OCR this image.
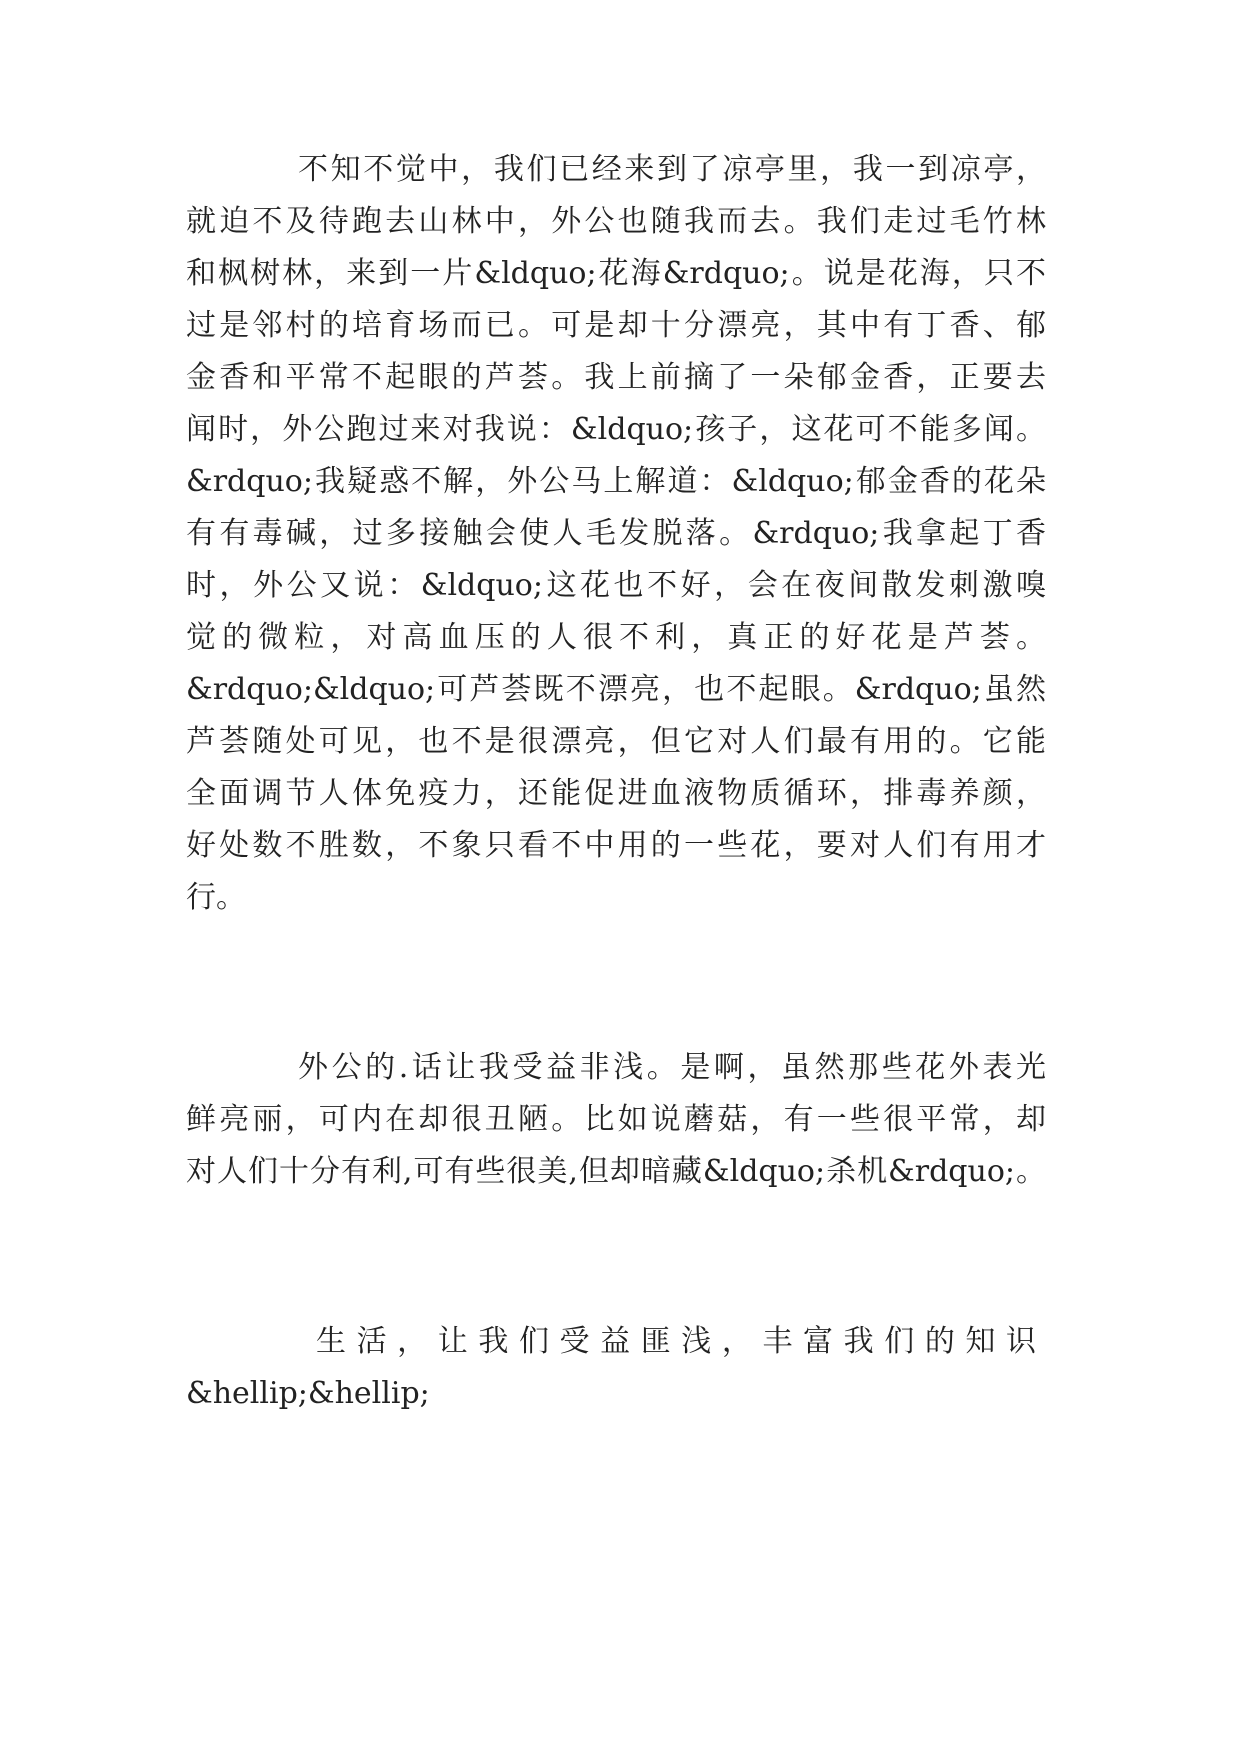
不知不觉中，我们已经来到了凉亭里，我一到凉亭，

就迫不及待跑去山林中，外公也随我而去。我们走过毛竹林

和枫树林，来到一片&ldquo;花海&rdquo;。说是花海，只不

过是邻村的培育场而已。可是却十分漂亮，其中有丁香、郁

金香和平常不起眼的芦荟。我上前摘了一朵郁金香，正要去

闻时，外公跑过来对我说：&ldquo;孩子，这花可不能多闻。

&rdquo;我疑惑不解，外公马上解道：&ldquo;郁金香的花朵

有有毒碱，过多接触会使人毛发脱落。&rdquo;我拿起丁香

时，外公又说：&ldquo;这花也不好，会在夜间散发刺激嗅

觉的微粒，对高血压的人很不利，真正的好花是芦荟。

&rdquo;&ldquo;可芦荟既不漂亮，也不起眼。&rdquo;虽然

芦荟随处可见，也不是很漂亮，但它对人们最有用的。它能

全面调节人体免疫力，还能促进血液物质循环，排毒养颜，

好处数不胜数，不象只看不中用的一些花，要对人们有用才

行。

外公的.话让我受益非浅。是啊，虽然那些花外表光

鲜亮丽，可内在却很丑陋。比如说蘑菇，有一些很平常，却

对人们十分有利,可有些很美,但却暗藏&ldquo;杀机&rdquo;。

生活，让我们受益匪浅，丰富我们的知识

&hellip;&hellip;
